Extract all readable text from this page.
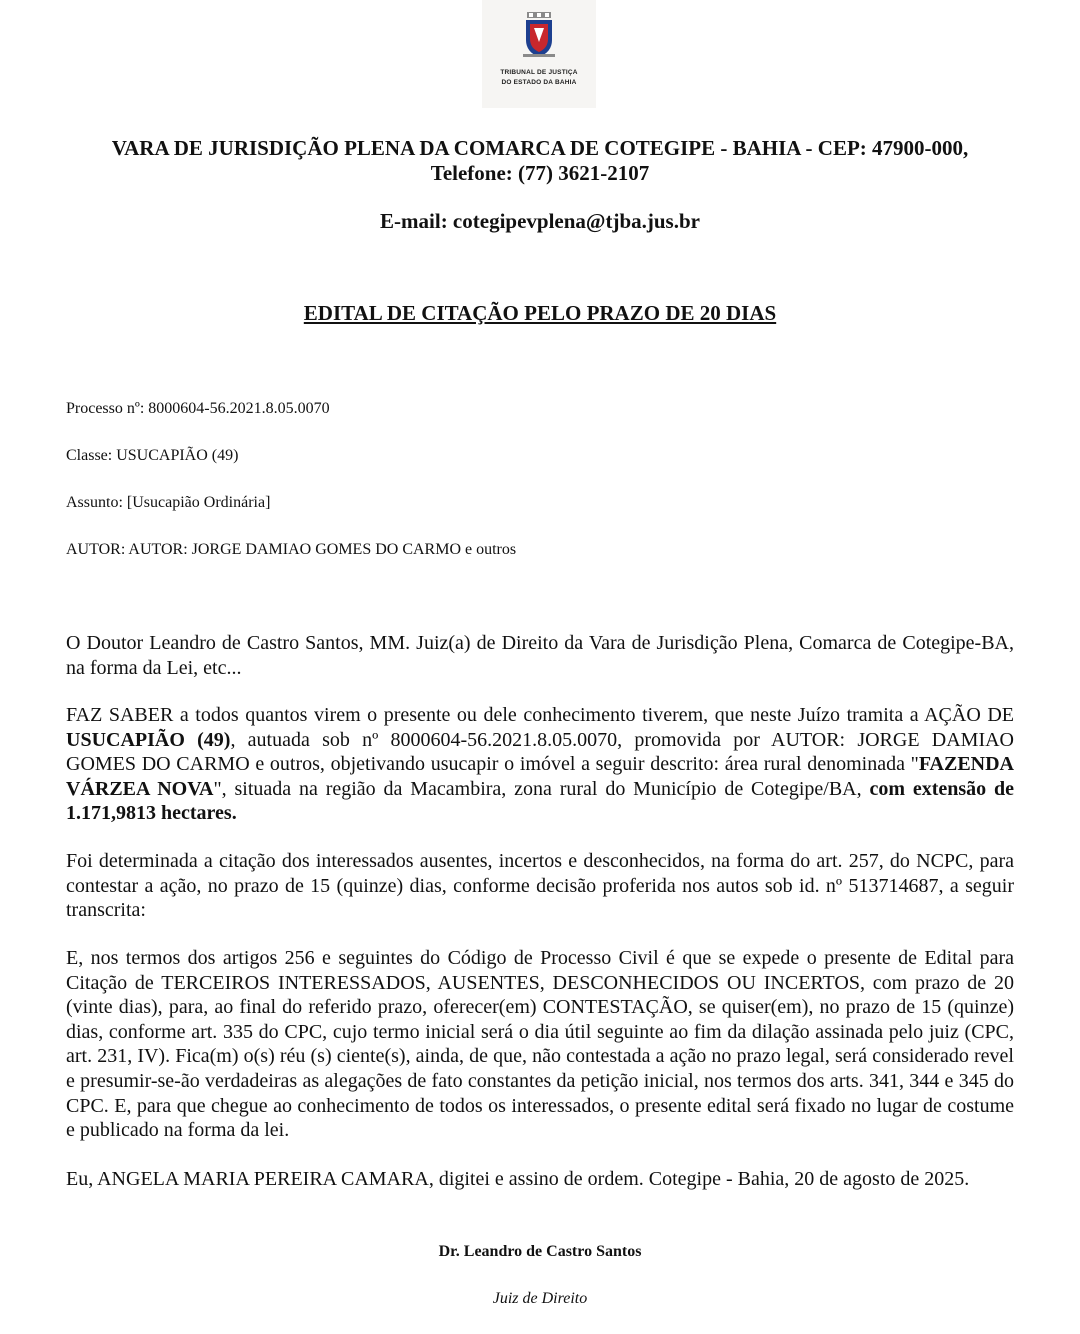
TRIBUNAL DE JUSTIÇA
DO ESTADO DA BAHIA
VARA DE JURISDIÇÃO PLENA DA COMARCA DE COTEGIPE - BAHIA - CEP: 47900-000, Telefone: (77) 3621-2107
E-mail: cotegipevplena@tjba.jus.br
EDITAL DE CITAÇÃO PELO PRAZO DE 20 DIAS
Processo nº: 8000604-56.2021.8.05.0070
Classe: USUCAPIÃO (49)
Assunto: [Usucapião Ordinária]
AUTOR: AUTOR: JORGE DAMIAO GOMES DO CARMO e outros
O Doutor Leandro de Castro Santos, MM. Juiz(a) de Direito da Vara de Jurisdição Plena, Comarca de Cotegipe-BA, na forma da Lei, etc...
FAZ SABER a todos quantos virem o presente ou dele conhecimento tiverem, que neste Juízo tramita a AÇÃO DE USUCAPIÃO (49), autuada sob nº 8000604-56.2021.8.05.0070, promovida por AUTOR: JORGE DAMIAO GOMES DO CARMO e outros, objetivando usucapir o imóvel a seguir descrito: área rural denominada "FAZENDA VÁRZEA NOVA", situada na região da Macambira, zona rural do Município de Cotegipe/BA, com extensão de 1.171,9813 hectares.
Foi determinada a citação dos interessados ausentes, incertos e desconhecidos, na forma do art. 257, do NCPC, para contestar a ação, no prazo de 15 (quinze) dias, conforme decisão proferida nos autos sob id. nº 513714687, a seguir transcrita:
E, nos termos dos artigos 256 e seguintes do Código de Processo Civil é que se expede o presente de Edital para Citação de TERCEIROS INTERESSADOS, AUSENTES, DESCONHECIDOS OU INCERTOS, com prazo de 20 (vinte dias), para, ao final do referido prazo, oferecer(em) CONTESTAÇÃO, se quiser(em), no prazo de 15 (quinze) dias, conforme art. 335 do CPC, cujo termo inicial será o dia útil seguinte ao fim da dilação assinada pelo juiz (CPC, art. 231, IV). Fica(m) o(s) réu (s) ciente(s), ainda, de que, não contestada a ação no prazo legal, será considerado revel e presumir-se-ão verdadeiras as alegações de fato constantes da petição inicial, nos termos dos arts. 341, 344 e 345 do CPC. E, para que chegue ao conhecimento de todos os interessados, o presente edital será fixado no lugar de costume e publicado na forma da lei.
Eu, ANGELA MARIA PEREIRA CAMARA, digitei e assino de ordem. Cotegipe - Bahia, 20 de agosto de 2025.
Dr. Leandro de Castro Santos
Juiz de Direito
